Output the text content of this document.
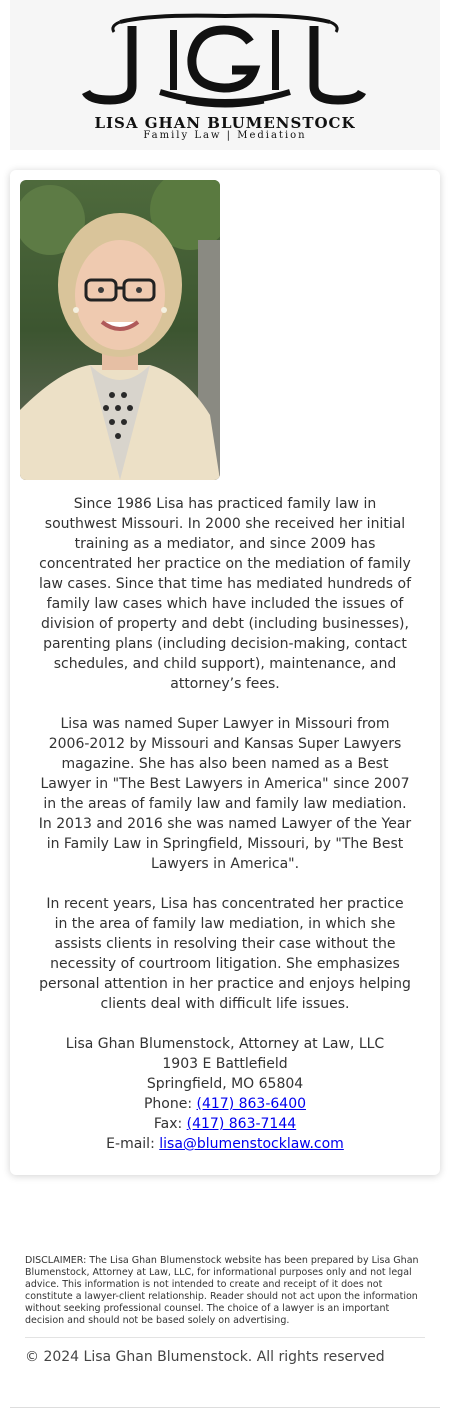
LISA GHAN BLUMENSTOCK
Family Law | Mediation

Since 1986 Lisa has practiced family law in southwest Missouri. In 2000 she received her initial training as a mediator, and since 2009 has concentrated her practice on the mediation of family law cases. Since that time has mediated hundreds of family law cases which have included the issues of division of property and debt (including businesses), parenting plans (including decision-making, contact schedules, and child support), maintenance, and attorney’s fees.

Lisa was named Super Lawyer in Missouri from 2006-2012 by Missouri and Kansas Super Lawyers magazine. She has also been named as a Best Lawyer in "The Best Lawyers in America" since 2007 in the areas of family law and family law mediation. In 2013 and 2016 she was named Lawyer of the Year in Family Law in Springfield, Missouri, by "The Best Lawyers in America".

In recent years, Lisa has concentrated her practice in the area of family law mediation, in which she assists clients in resolving their case without the necessity of courtroom litigation. She emphasizes personal attention in her practice and enjoys helping clients deal with difficult life issues.

Lisa Ghan Blumenstock, Attorney at Law, LLC
1903 E Battlefield
Springfield, MO 65804
Phone: (417) 863-6400
Fax: (417) 863-7144
E-mail: lisa@blumenstocklaw.com
DISCLAIMER: The Lisa Ghan Blumenstock website has been prepared by Lisa Ghan Blumenstock, Attorney at Law, LLC, for informational purposes only and not legal advice. This information is not intended to create and receipt of it does not constitute a lawyer-client relationship. Reader should not act upon the information without seeking professional counsel. The choice of a lawyer is an important decision and should not be based solely on advertising.
© 2024 Lisa Ghan Blumenstock. All rights reserved
